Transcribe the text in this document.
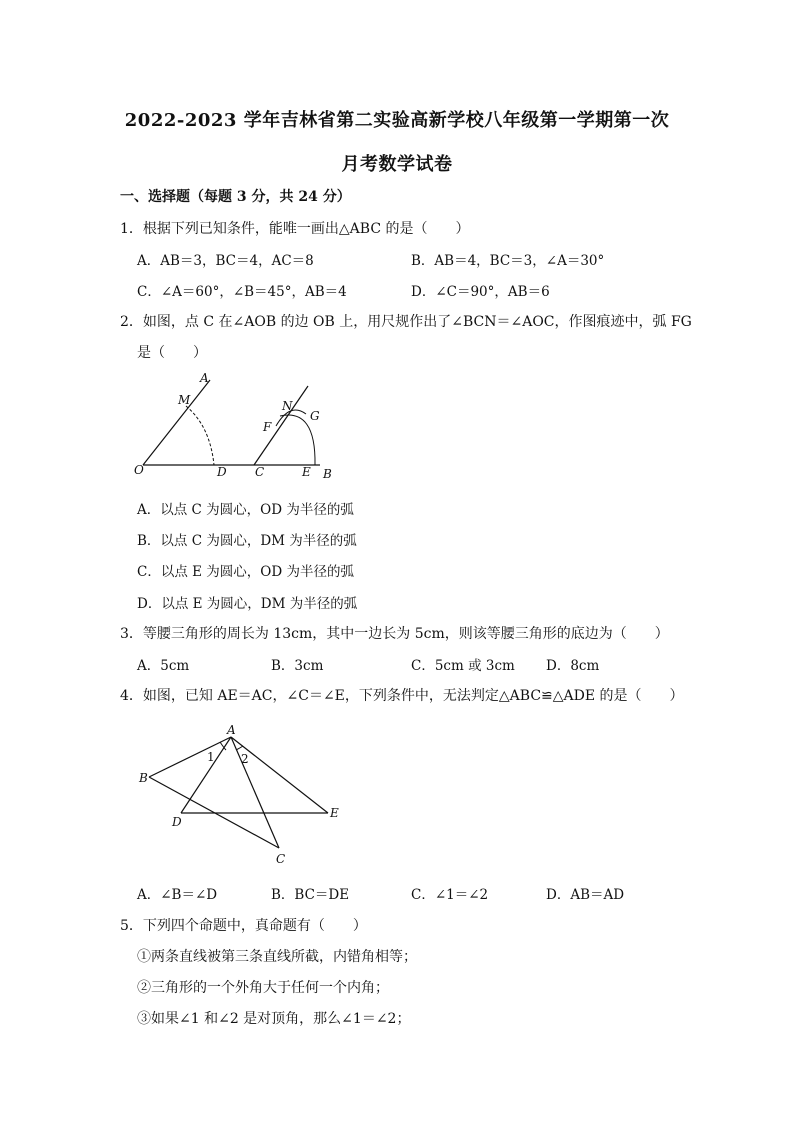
2022-2023 学年吉林省第二实验高新学校八年级第一学期第一次
月考数学试卷
一、选择题（每题 3 分，共 24 分）
1．根据下列已知条件，能唯一画出△ABC 的是（　　）
A．AB＝3，BC＝4，AC＝8	B．AB＝4，BC＝3，∠A＝30°
C．∠A＝60°，∠B＝45°，AB＝4	D．∠C＝90°，AB＝6
2．如图，点 C 在∠AOB 的边 OB 上，用尺规作出了∠BCN＝∠AOC，作图痕迹中，弧 FG
是（　　）
A
M
O	D C
N
G
F
E B
A．以点 C 为圆心，OD 为半径的弧
B．以点 C 为圆心，DM 为半径的弧
C．以点 E 为圆心，OD 为半径的弧
D．以点 E 为圆心，DM 为半径的弧
3．等腰三角形的周长为 13cm，其中一边长为 5cm，则该等腰三角形的底边为（　　）
A．5cm	B．3cm	C．5cm 或 3cm D．8cm
4．如图，已知 AE＝AC，∠C＝∠E，下列条件中，无法判定△ABC≌△ADE 的是（　　）
A
B
D
E
C
1 2
A．∠B＝∠D	B．BC＝DE	C．∠1＝∠2	D．AB＝AD
5．下列四个命题中，真命题有（　　）
①两条直线被第三条直线所截，内错角相等；
②三角形的一个外角大于任何一个内角；
③如果∠1 和∠2 是对顶角，那么∠1＝∠2；
